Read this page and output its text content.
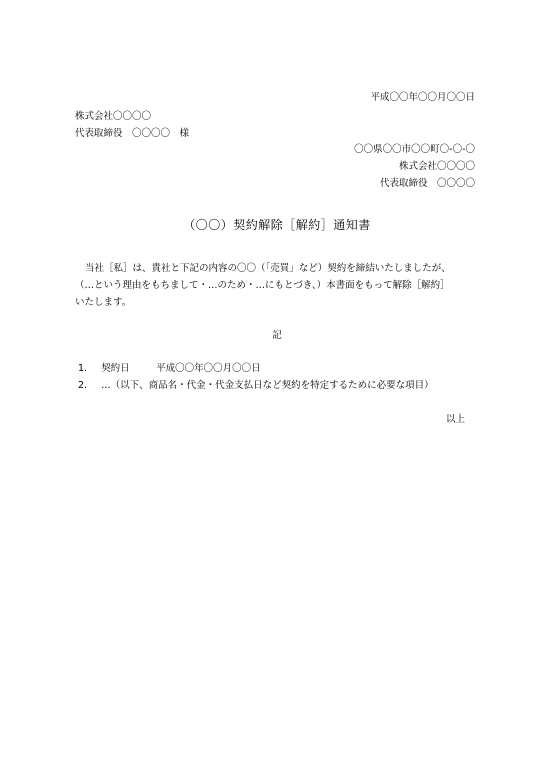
平成〇〇年〇〇月〇〇日
株式会社〇〇〇〇
代表取締役　〇〇〇〇　様
〇〇県〇〇市〇〇町〇-〇-〇
株式会社〇〇〇〇
代表取締役　〇〇〇〇
（〇〇）契約解除［解約］通知書
当社［私］は、貴社と下記の内容の〇〇（「売買」など）契約を締結いたしましたが、
（…という理由をもちまして・…のため・…にもとづき、）本書面をもって解除［解約］
いたします。
記
1. 契約日	平成〇〇年〇〇月〇〇日
2. …（以下、商品名・代金・代金支払日など契約を特定するために必要な項目）
以上
